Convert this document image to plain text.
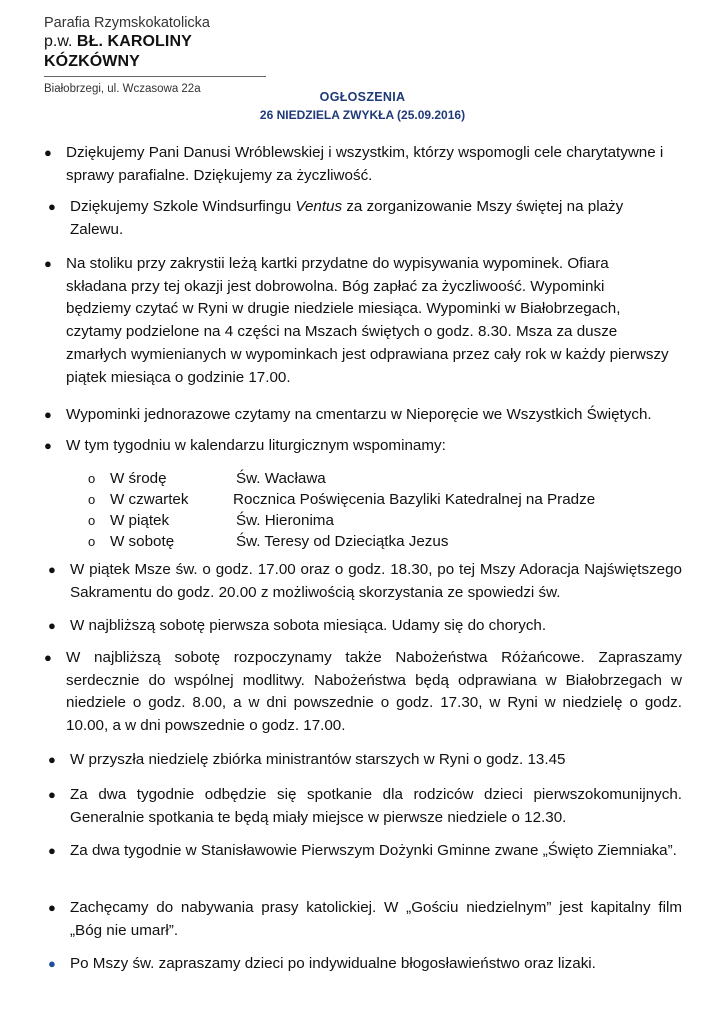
Parafia Rzymskokatolicka
p.w. BŁ. KAROLINY KÓZKÓWNY
Białobrzegi, ul. Wczasowa 22a
OGŁOSZENIA
26 NIEDZIELA ZWYKŁA (25.09.2016)
● Dziękujemy Pani Danusi Wróblewskiej i wszystkim, którzy wspomogli cele charytatywne i sprawy parafialne. Dziękujemy za życzliwość.
● Dziękujemy Szkole Windsurfingu Ventus za zorganizowanie Mszy świętej na plaży Zalewu.
● Na stoliku przy zakrystii leżą kartki przydatne do wypisywania wypominek. Ofiara składana przy tej okazji jest dobrowolna. Bóg zapłać za życzliwoość. Wypominki będziemy czytać w Ryni w drugie niedziele miesiąca. Wypominki w Białobrzegach, czytamy podzielone na 4 części na Mszach świętych o godz. 8.30. Msza za dusze zmarłych wymienianych w wypominkach jest odprawiana przez cały rok w każdy pierwszy piątek miesiąca o godzinie 17.00.
● Wypominki jednorazowe czytamy na cmentarzu w Nieporęcie we Wszystkich Świętych.
● W tym tygodniu w kalendarzu liturgicznym wspominamy:
o W środę	Św. Wacława
o W czwartek	Rocznica Poświęcenia Bazyliki Katedralnej na Pradze
o W piątek	Św. Hieronima
o W sobotę	Św. Teresy od Dzieciątka Jezus
● W piątek Msze św. o godz. 17.00 oraz o godz. 18.30, po tej Mszy Adoracja Najświętszego Sakramentu do godz. 20.00 z możliwością skorzystania ze spowiedzi św.
● W najbliższą sobotę pierwsza sobota miesiąca. Udamy się do chorych.
● W najbliższą sobotę rozpoczynamy także Nabożeństwa Różańcowe. Zapraszamy serdecznie do wspólnej modlitwy. Nabożeństwa będą odprawiana w Białobrzegach w niedziele o godz. 8.00, a w dni powszednie o godz. 17.30, w Ryni w niedzielę o godz. 10.00, a w dni powszednie o godz. 17.00.
● W przyszła niedzielę zbiórka ministrantów starszych w Ryni o godz. 13.45
● Za dwa tygodnie odbędzie się spotkanie dla rodziców dzieci pierwszokomunijnych. Generalnie spotkania te będą miały miejsce w pierwsze niedziele o 12.30.
● Za dwa tygodnie w Stanisławowie Pierwszym Dożynki Gminne zwane „Święto Ziemniaka”.
● Zachęcamy do nabywania prasy katolickiej. W „Gościu niedzielnym” jest kapitalny film „Bóg nie umarł”.
● Po Mszy św. zapraszamy dzieci po indywidualne błogosławieństwo oraz lizaki.
